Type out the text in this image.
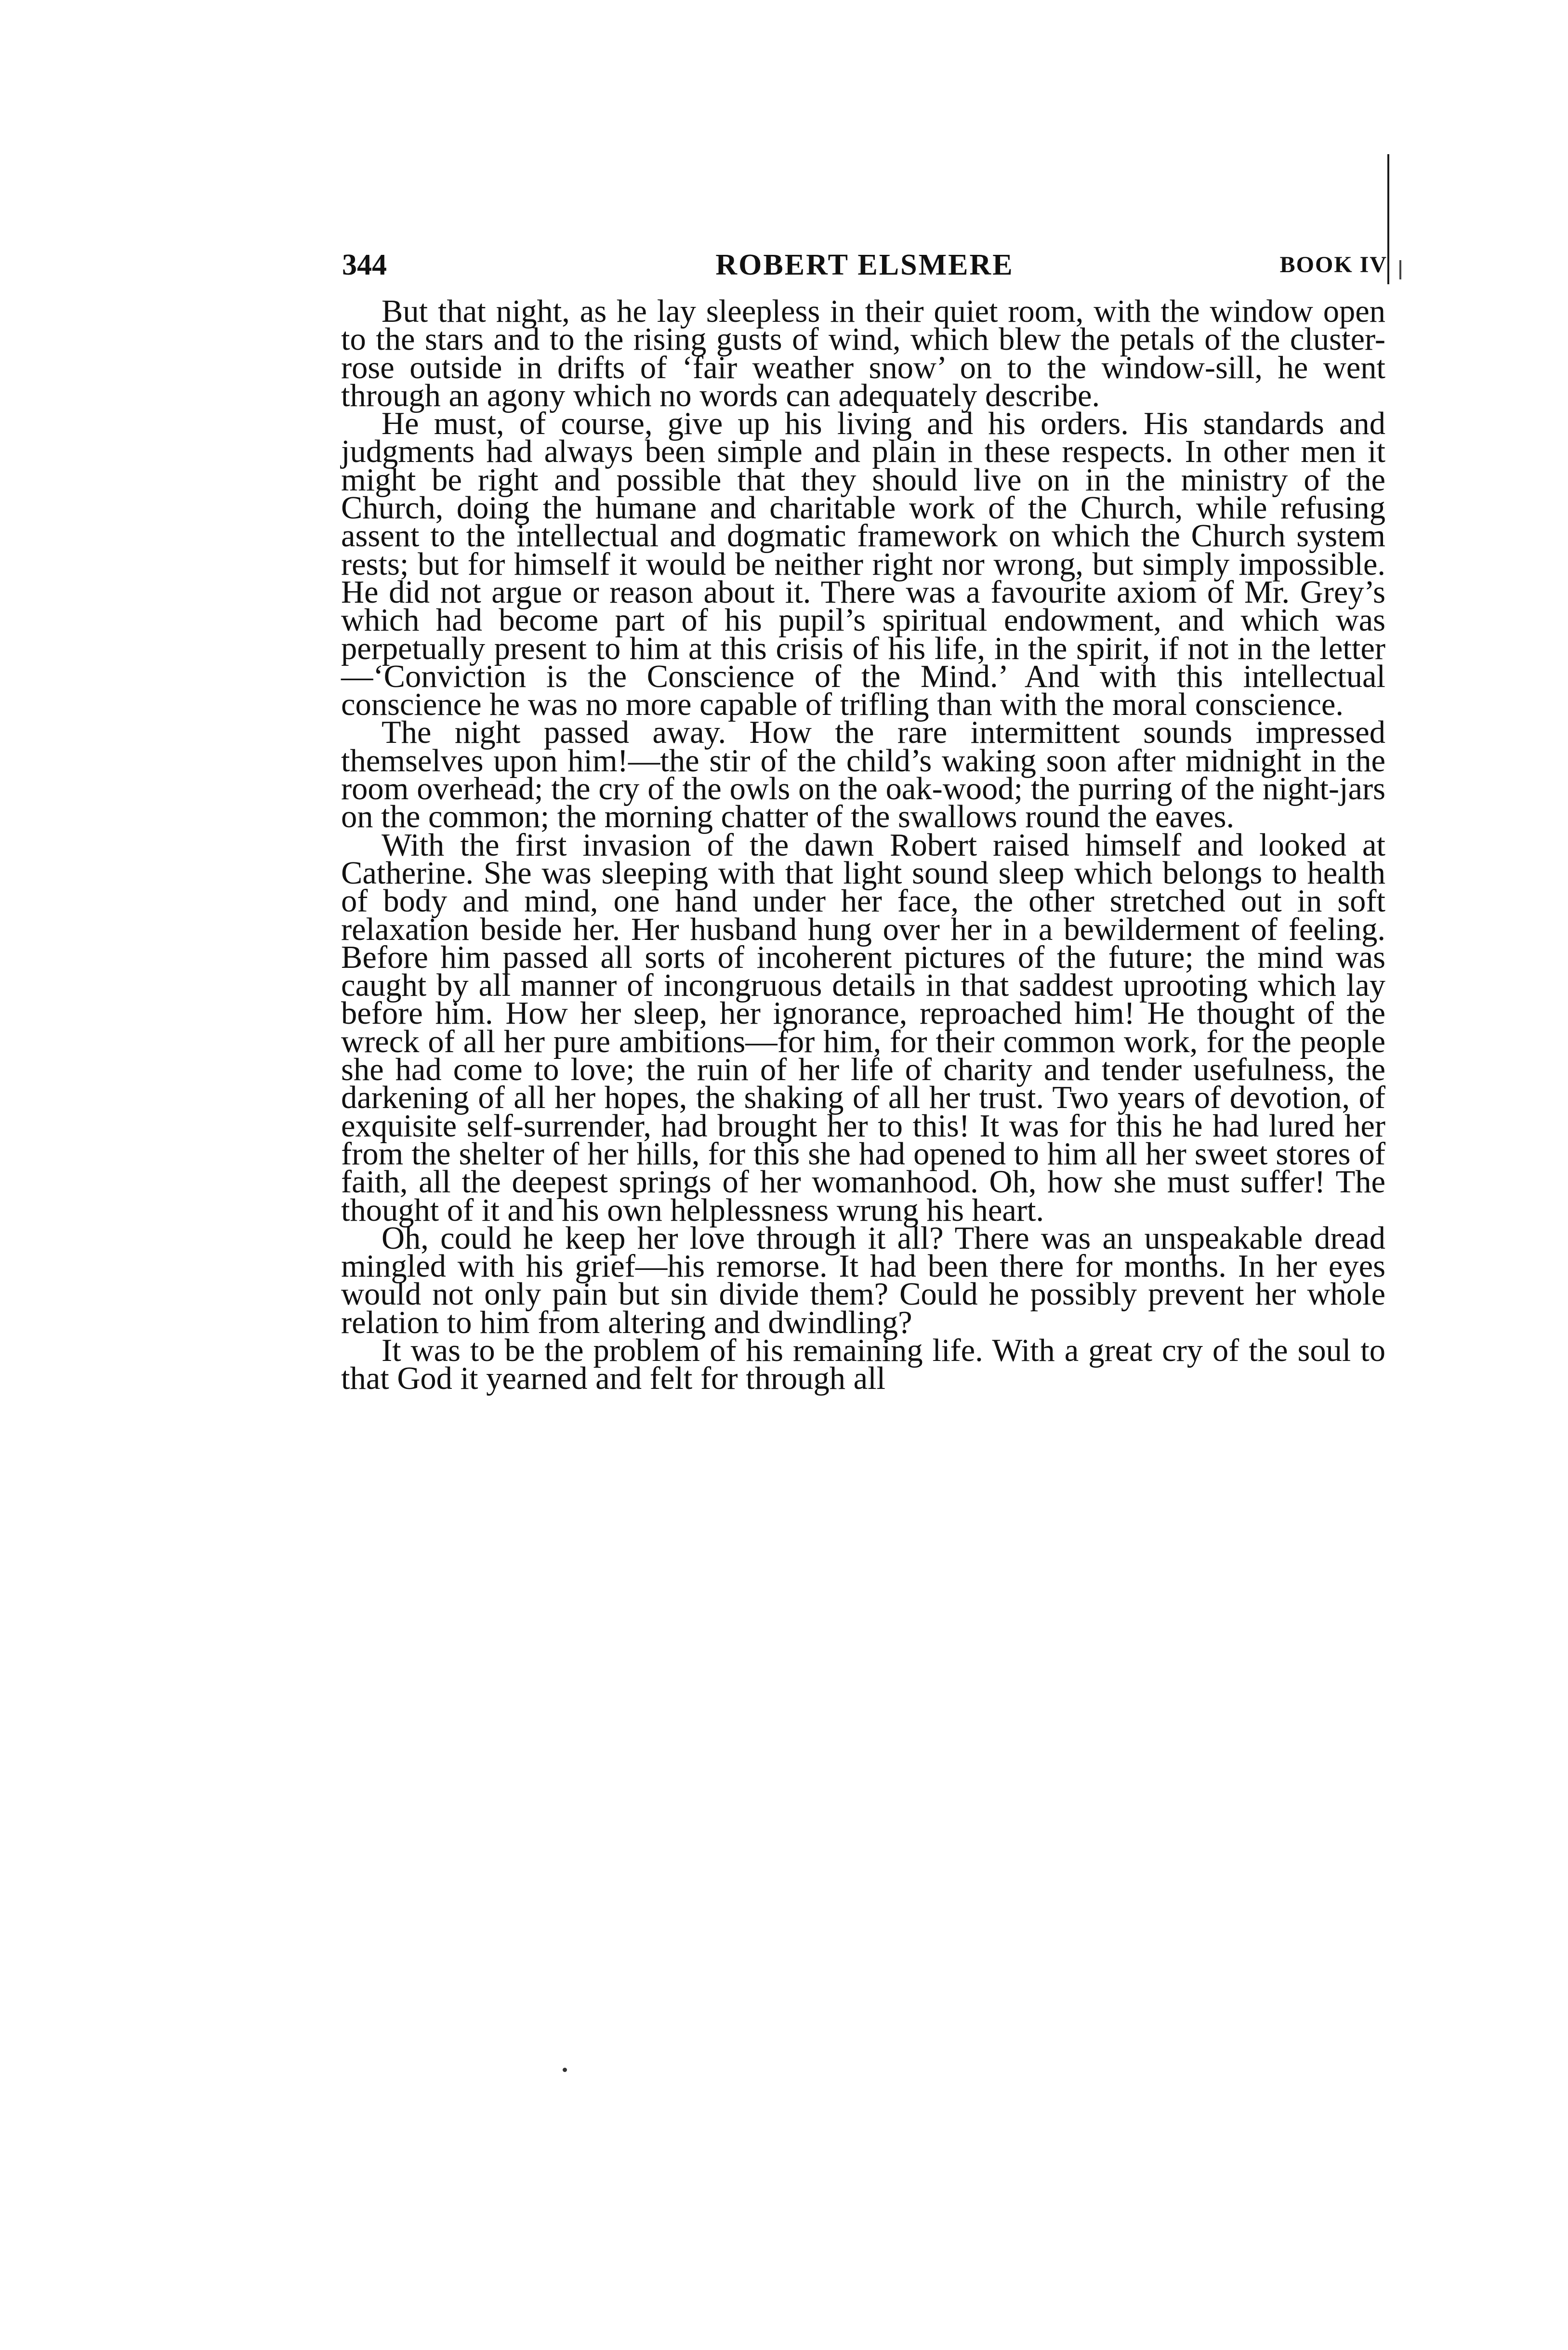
344	ROBERT ELSMERE	BOOK IV

But that night, as he lay sleepless in their quiet room, with the window open to the stars and to the rising gusts of wind, which blew the petals of the cluster-rose outside in drifts of ‘fair weather snow’ on to the window-sill, he went through an agony which no words can adequately describe.

He must, of course, give up his living and his orders. His standards and judgments had always been simple and plain in these respects. In other men it might be right and possible that they should live on in the ministry of the Church, doing the humane and charitable work of the Church, while refusing assent to the intellectual and dogmatic framework on which the Church system rests; but for himself it would be neither right nor wrong, but simply impossible. He did not argue or reason about it. There was a favourite axiom of Mr. Grey’s which had become part of his pupil’s spiritual endowment, and which was perpetually present to him at this crisis of his life, in the spirit, if not in the letter—‘Conviction is the Conscience of the Mind.’ And with this intellectual conscience he was no more capable of trifling than with the moral conscience.

The night passed away. How the rare intermittent sounds impressed themselves upon him!—the stir of the child’s waking soon after midnight in the room overhead; the cry of the owls on the oak-wood; the purring of the night-jars on the common; the morning chatter of the swallows round the eaves.

With the first invasion of the dawn Robert raised himself and looked at Catherine. She was sleeping with that light sound sleep which belongs to health of body and mind, one hand under her face, the other stretched out in soft relaxation beside her. Her husband hung over her in a bewilderment of feeling. Before him passed all sorts of incoherent pictures of the future; the mind was caught by all manner of incongruous details in that saddest uprooting which lay before him. How her sleep, her ignorance, reproached him! He thought of the wreck of all her pure ambitions—for him, for their common work, for the people she had come to love; the ruin of her life of charity and tender usefulness, the darkening of all her hopes, the shaking of all her trust. Two years of devotion, of exquisite self-surrender, had brought her to this! It was for this he had lured her from the shelter of her hills, for this she had opened to him all her sweet stores of faith, all the deepest springs of her womanhood. Oh, how she must suffer! The thought of it and his own helplessness wrung his heart.

Oh, could he keep her love through it all? There was an unspeakable dread mingled with his grief—his remorse. It had been there for months. In her eyes would not only pain but sin divide them? Could he possibly prevent her whole relation to him from altering and dwindling?

It was to be the problem of his remaining life. With a great cry of the soul to that God it yearned and felt for through all
